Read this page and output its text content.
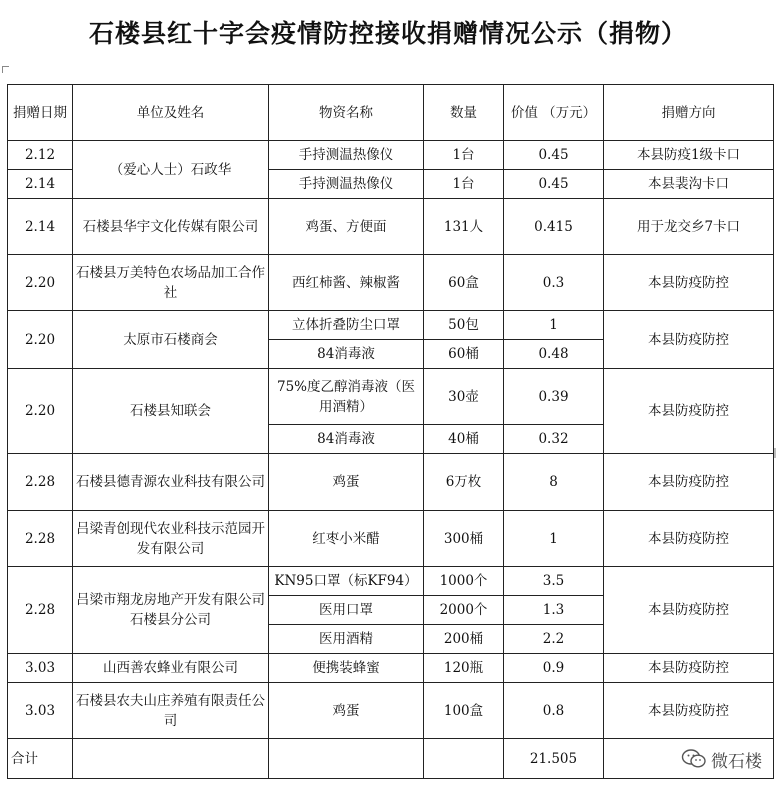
石楼县红十字会疫情防控接收捐赠情况公示（捐物）
捐赠日期	单位及姓名	物资名称	数量	价值 （万元）	捐赠方向
2.12	（爱心人士）石政华	手持测温热像仪	1台	0.45	本县防疫1级卡口
2.14		手持测温热像仪	1台	0.45	本县裴沟卡口
2.14	石楼县华宇文化传媒有限公司	鸡蛋、方便面	131人	0.415	用于龙交乡7卡口
2.20	石楼县万美特色农场品加工合作社	西红柿酱、辣椒酱	60盒	0.3	本县防疫防控
2.20	太原市石楼商会	立体折叠防尘口罩	50包	1	本县防疫防控
		84消毒液	60桶	0.48	
2.20	石楼县知联会	75%度乙醇消毒液（医用酒精）	30壶	0.39	本县防疫防控
		84消毒液	40桶	0.32	
2.28	石楼县德青源农业科技有限公司	鸡蛋	6万枚	8	本县防疫防控
2.28	吕梁青创现代农业科技示范园开发有限公司	红枣小米醋	300桶	1	本县防疫防控
2.28	吕梁市翔龙房地产开发有限公司石楼县分公司	KN95口罩（标KF94）	1000个	3.5	本县防疫防控
		医用口罩	2000个	1.3	
		医用酒精	200桶	2.2	
3.03	山西善农蜂业有限公司	便携装蜂蜜	120瓶	0.9	本县防疫防控
3.03	石楼县农夫山庄养殖有限责任公司	鸡蛋	100盒	0.8	本县防疫防控
合计				21.505		微石楼
